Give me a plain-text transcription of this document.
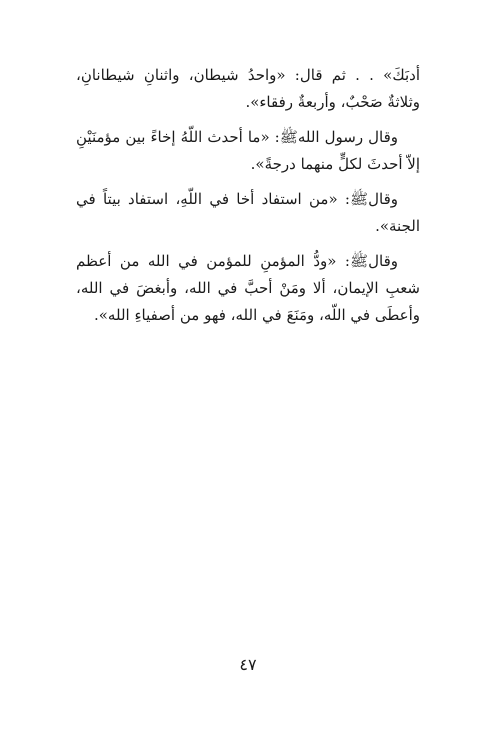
أدبَكَ» . . ثم قال: «واحدُ شيطان، واثنانِ شيطانانِ، وثلاثةٌ صَحْبٌ، وأربعةٌ رفقاء».

وقال رسول اللهﷺ: «ما أحدث اللّهُ إخاءً بين مؤمنَيْنِ إلاّ أحدثَ لكلٍّ منهما درجةً».

وقالﷺ: «من استفاد أخا في اللّهِ، استفاد بيتاً في الجنة».

وقالﷺ: «ودُّ المؤمنِ للمؤمن في الله من أعظم شعبِ الإيمان، ألا ومَنْ أحبَّ في الله، وأبغضَ في الله، وأعطَى في اللّه، ومَنَعَ في الله، فهو من أصفياءِ الله».

٤٧
